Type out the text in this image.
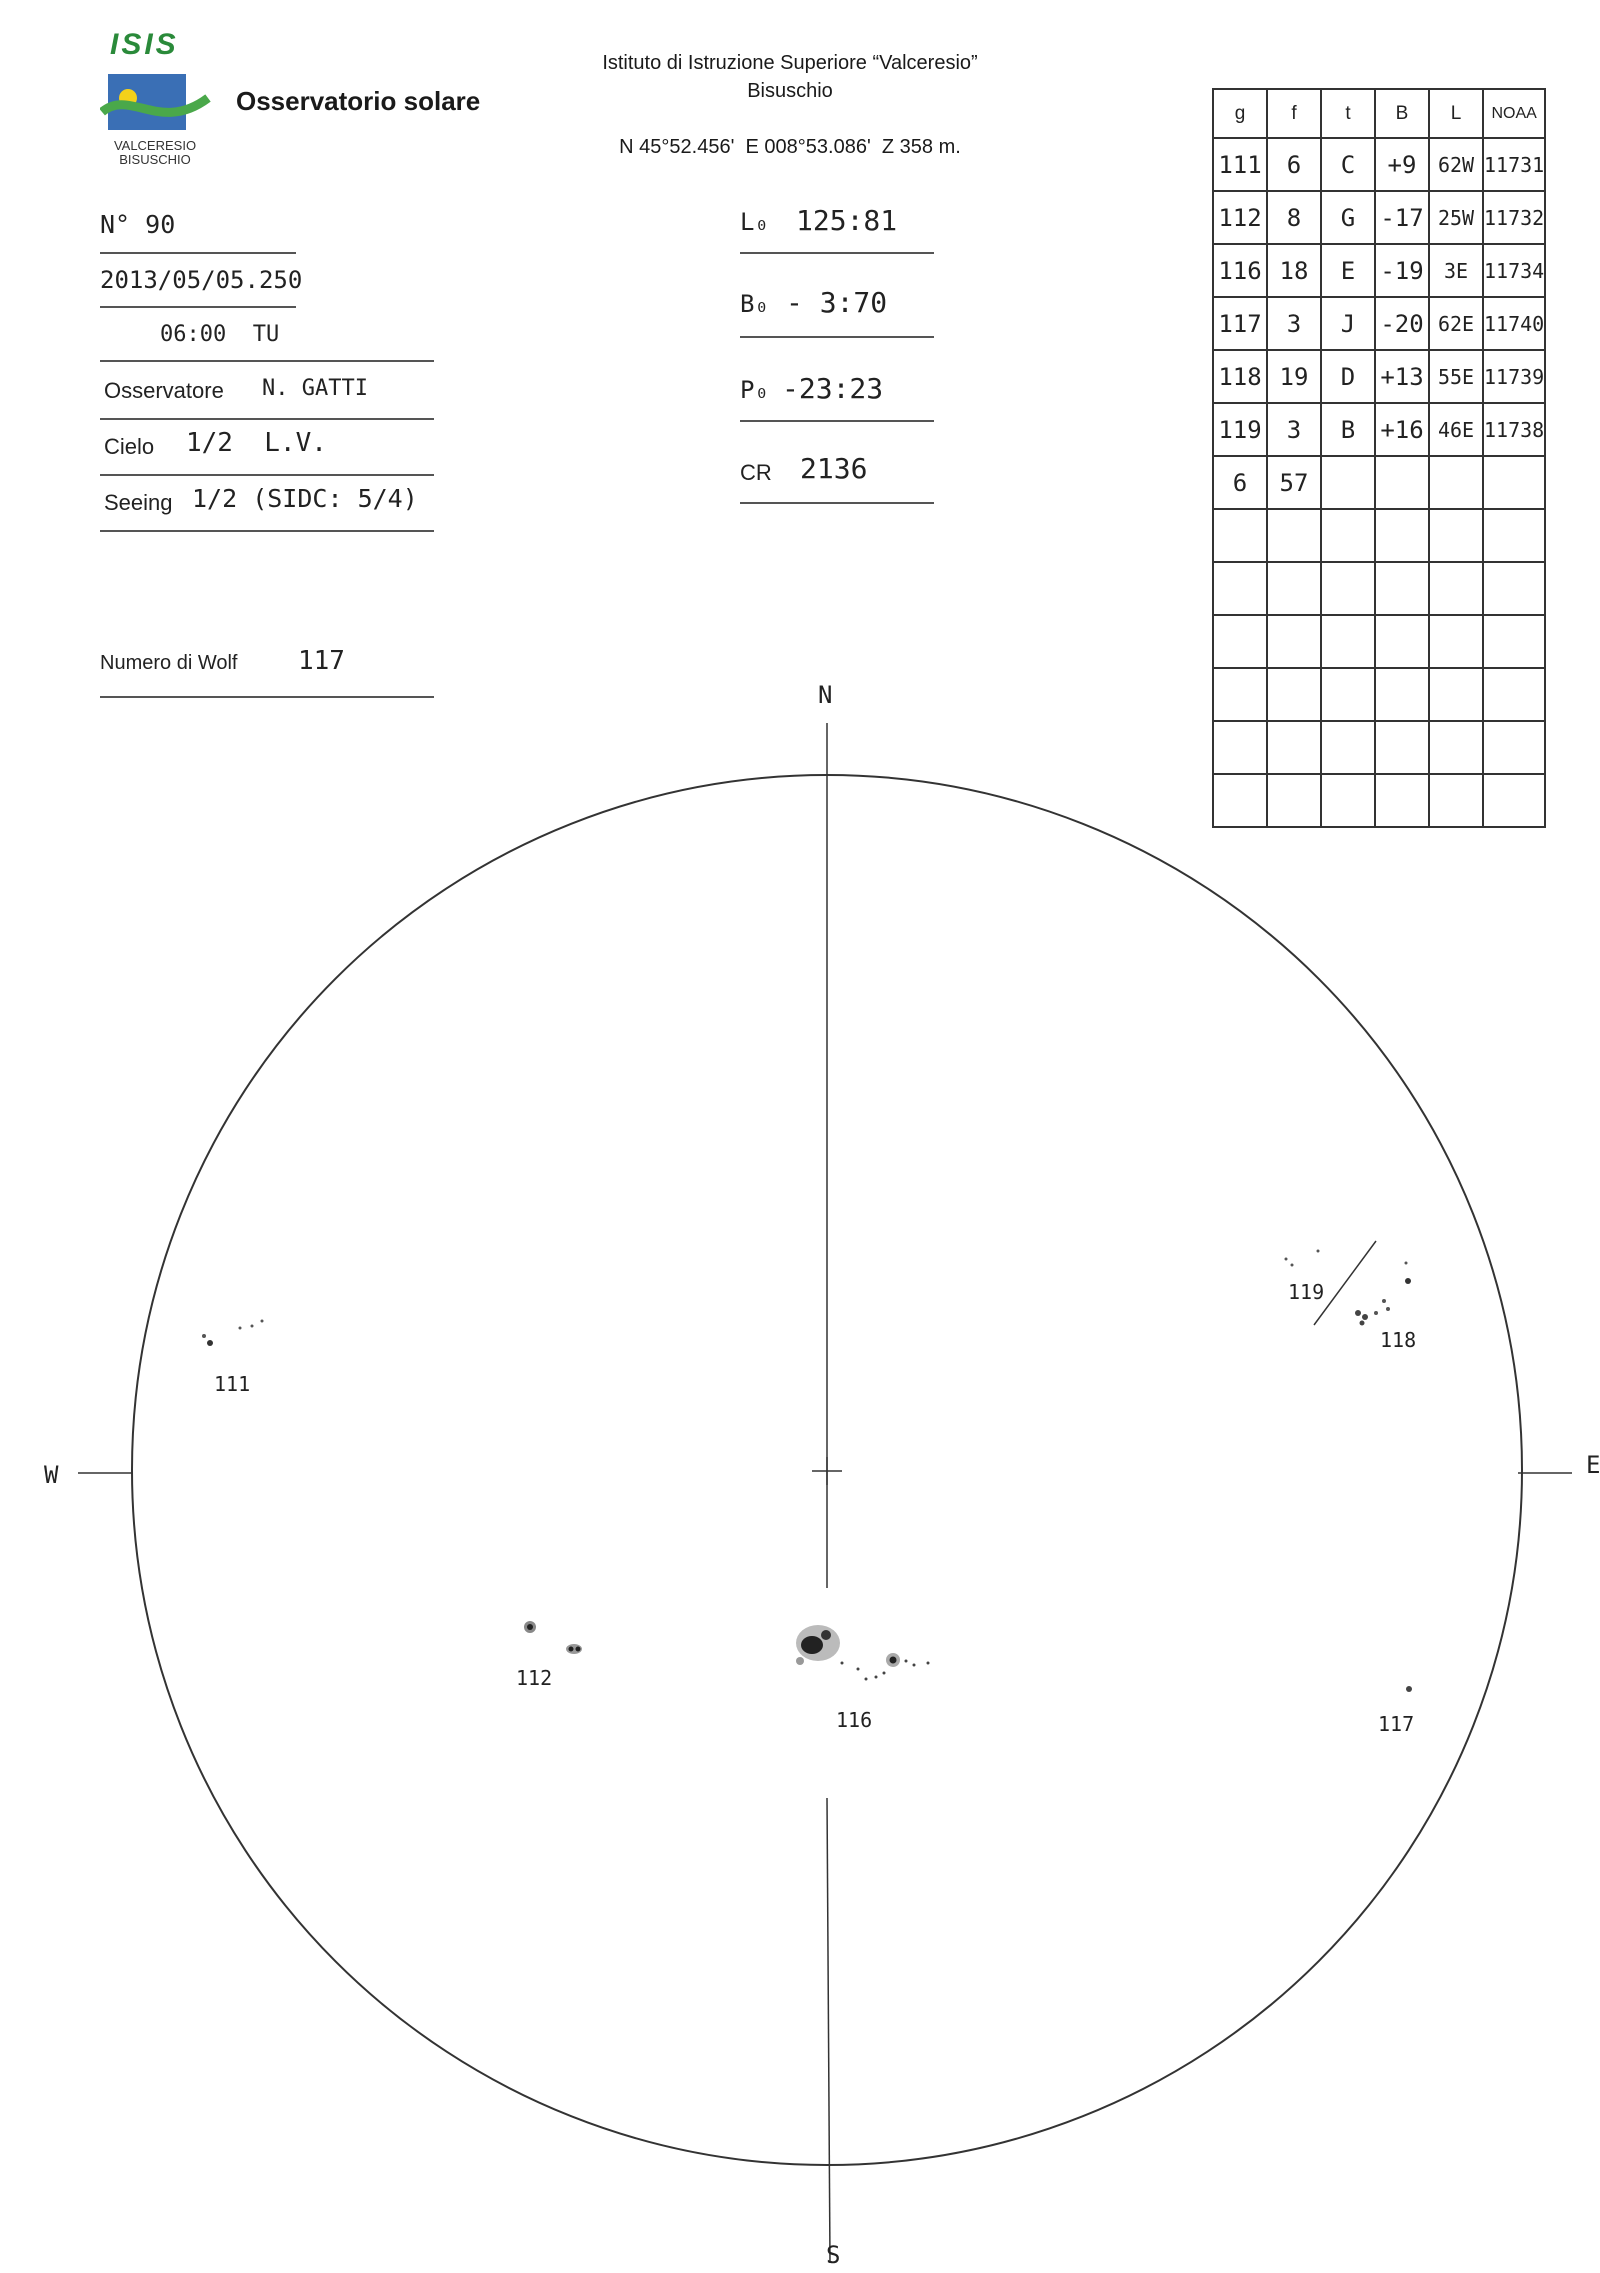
ISIS
VALCERESIO
BISUSCHIO
Osservatorio solare
Istituto di Istruzione Superiore “Valceresio”
Bisuschio
N 45°52.456'  E 008°53.086'  Z 358 m.
N° 90
2013/05/05.250
06:00  TU
Osservatore N. GATTI
Cielo 1/2  L.V.
Seeing 1/2 (SIDC: 5/4)
Numero di Wolf 117
L₀ 125:81
B₀ - 3:70
P₀ -23:23
CR 2136
g	f	t	B	L	NOAA
111	6	C	+9	62W	11731
112	8	G	-17	25W	11732
116	18	E	-19	3E	11734
117	3	J	-20	62E	11740
118	19	D	+13	55E	11739
119	3	B	+16	46E	11738
6	57				

N
S
W	E
111
112
116	117
118
119
